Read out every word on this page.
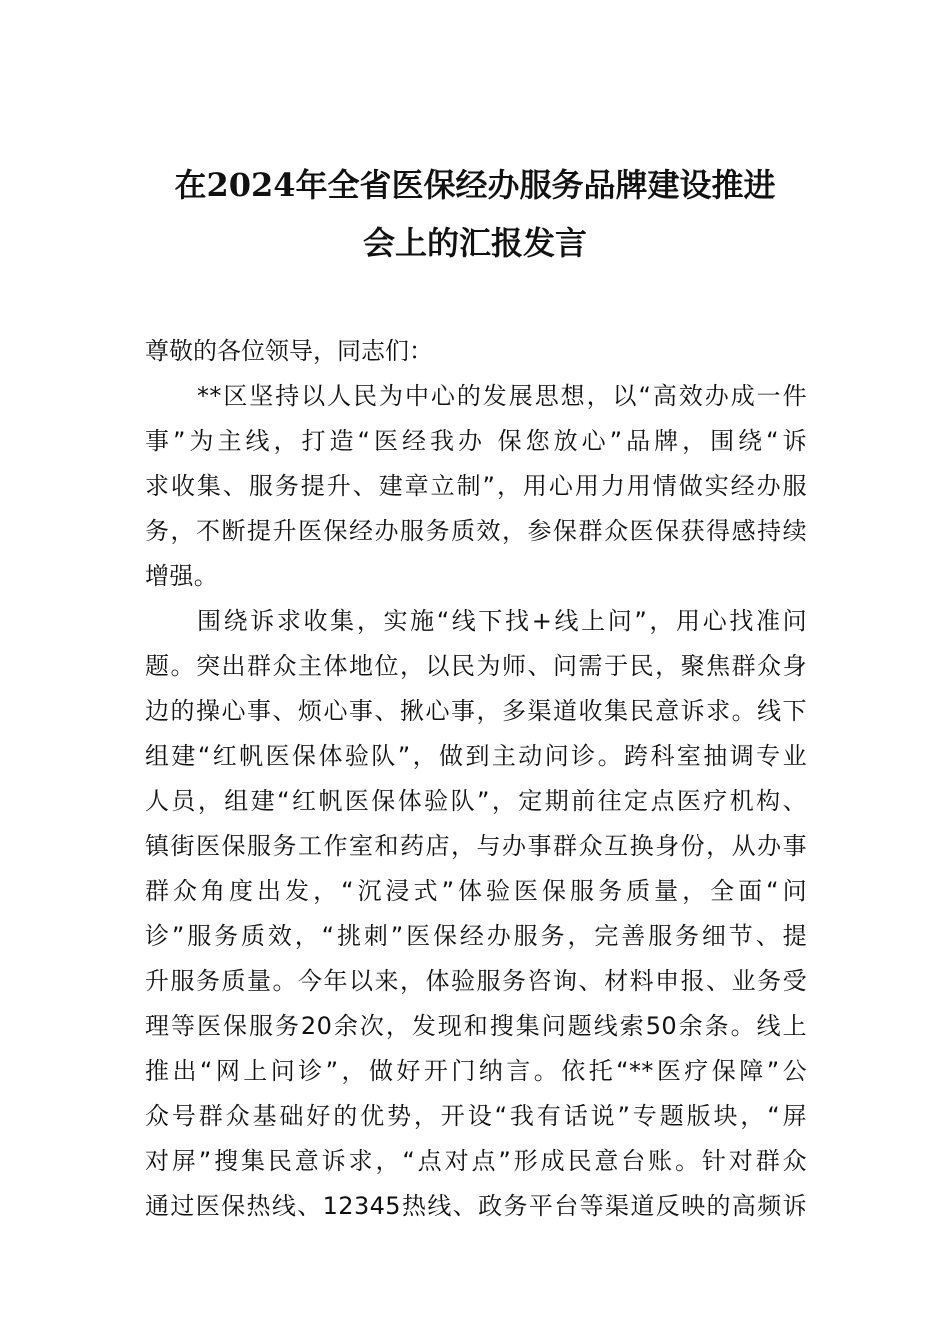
在2024年全省医保经办服务品牌建设推进
会上的汇报发言
尊敬的各位领导，同志们：
**区坚持以人民为中心的发展思想，以“高效办成一件
事”为主线，打造“医经我办 保您放心”品牌，围绕“诉
求收集、服务提升、建章立制”，用心用力用情做实经办服
务，不断提升医保经办服务质效，参保群众医保获得感持续
增强。
围绕诉求收集，实施“线下找+线上问”，用心找准问
题。突出群众主体地位，以民为师、问需于民，聚焦群众身
边的操心事、烦心事、揪心事，多渠道收集民意诉求。线下
组建“红帆医保体验队”，做到主动问诊。跨科室抽调专业
人员，组建“红帆医保体验队”，定期前往定点医疗机构、
镇街医保服务工作室和药店，与办事群众互换身份，从办事
群众角度出发，“沉浸式”体验医保服务质量，全面“问
诊”服务质效，“挑刺”医保经办服务，完善服务细节、提
升服务质量。今年以来，体验服务咨询、材料申报、业务受
理等医保服务20余次，发现和搜集问题线索50余条。线上
推出“网上问诊”，做好开门纳言。依托“**医疗保障”公
众号群众基础好的优势，开设“我有话说”专题版块，“屏
对屏”搜集民意诉求，“点对点”形成民意台账。针对群众
通过医保热线、12345热线、政务平台等渠道反映的高频诉
